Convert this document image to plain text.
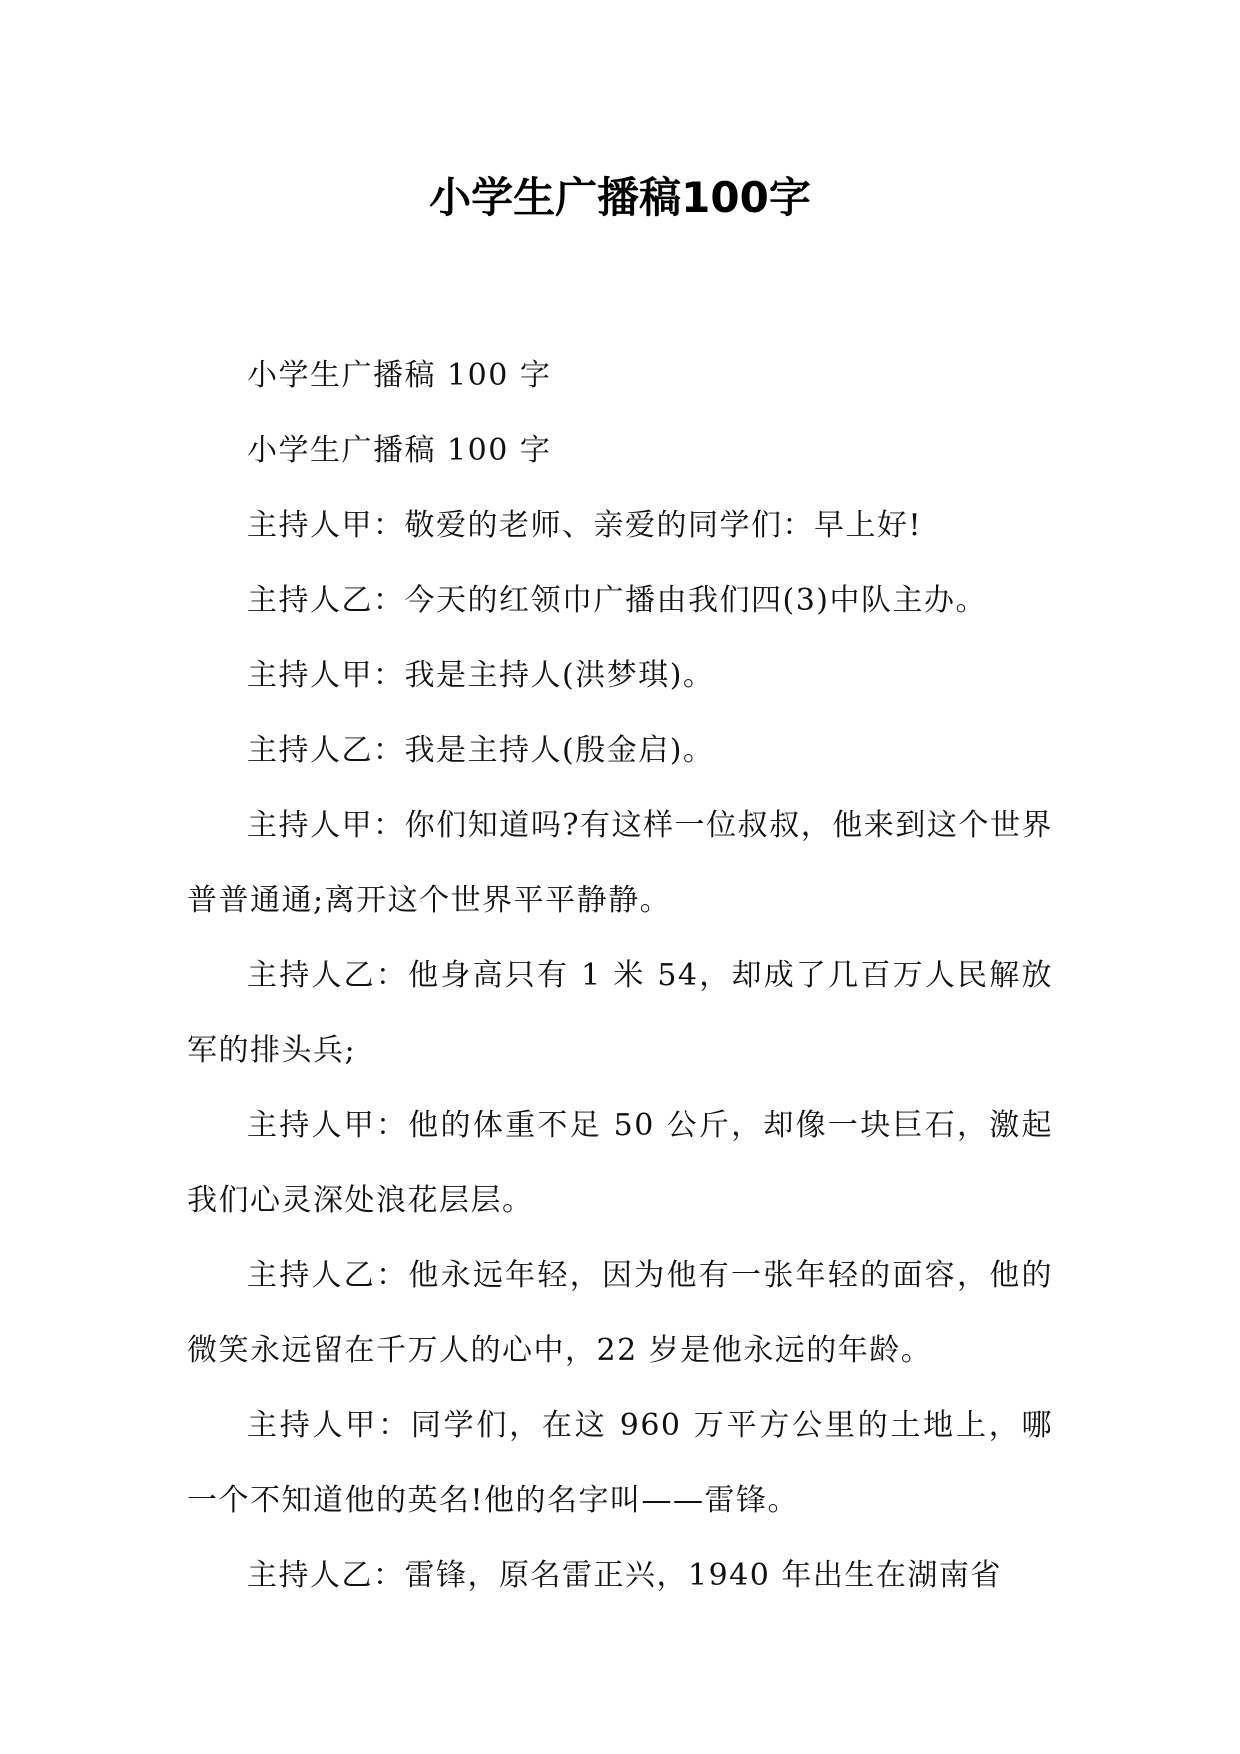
小学生广播稿100字

小学生广播稿 100 字

小学生广播稿 100 字

主持人甲：敬爱的老师、亲爱的同学们：早上好!

主持人乙：今天的红领巾广播由我们四(3)中队主办。

主持人甲：我是主持人(洪梦琪)。

主持人乙：我是主持人(殷金启)。

主持人甲：你们知道吗?有这样一位叔叔，他来到这个世界普普通通;离开这个世界平平静静。

主持人乙：他身高只有 1 米 54，却成了几百万人民解放军的排头兵;

主持人甲：他的体重不足 50 公斤，却像一块巨石，激起我们心灵深处浪花层层。

主持人乙：他永远年轻，因为他有一张年轻的面容，他的微笑永远留在千万人的心中，22 岁是他永远的年龄。

主持人甲：同学们，在这 960 万平方公里的土地上，哪一个不知道他的英名!他的名字叫——雷锋。

主持人乙：雷锋，原名雷正兴，1940 年出生在湖南省
